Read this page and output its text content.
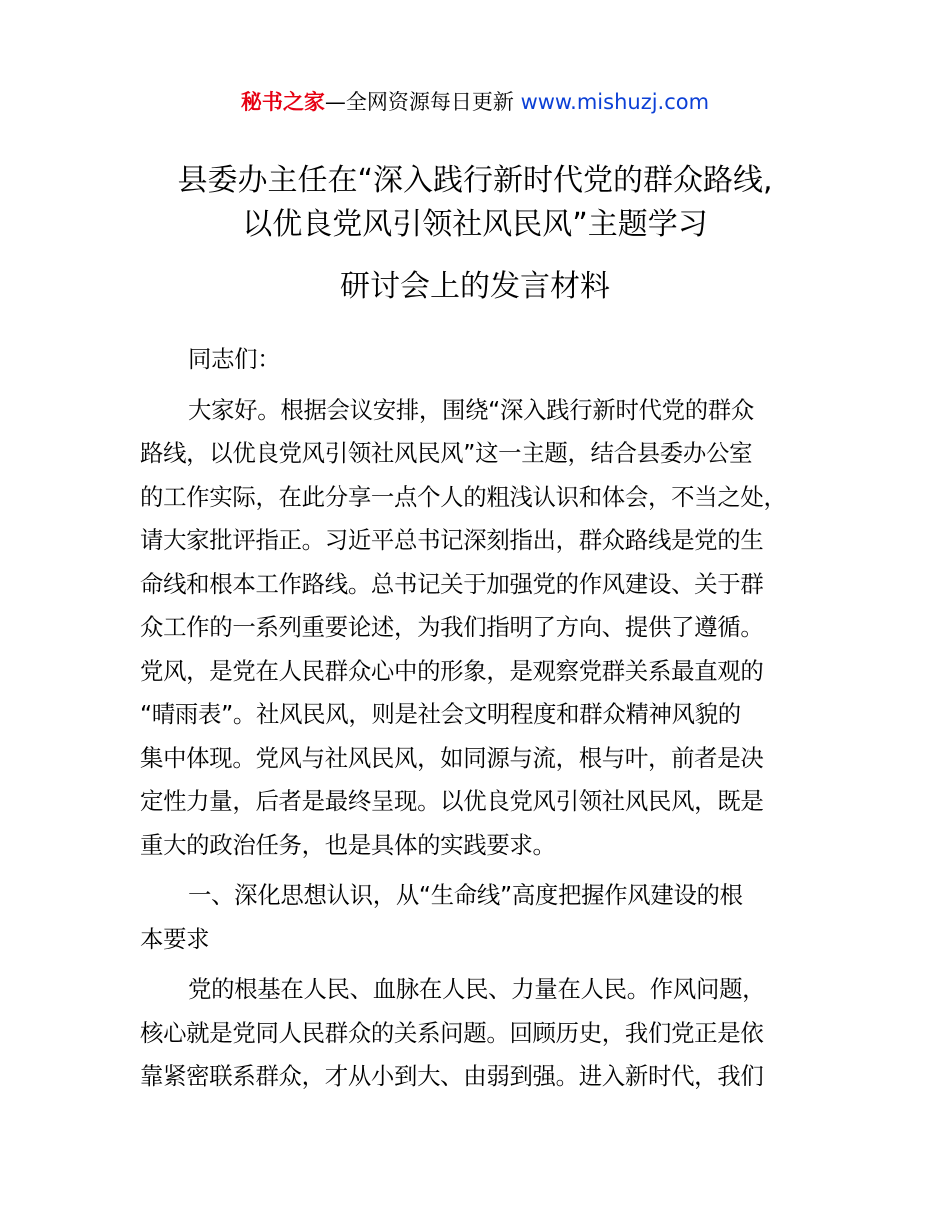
秘书之家—全网资源每日更新 www.mishuzj.com
县委办主任在“深入践行新时代党的群众路线,
以优良党风引领社风民风”主题学习
研讨会上的发言材料
同志们：
大家好。根据会议安排，围绕“深入践行新时代党的群众
路线，以优良党风引领社风民风”这一主题，结合县委办公室
的工作实际，在此分享一点个人的粗浅认识和体会，不当之处，
请大家批评指正。习近平总书记深刻指出，群众路线是党的生
命线和根本工作路线。总书记关于加强党的作风建设、关于群
众工作的一系列重要论述，为我们指明了方向、提供了遵循。
党风，是党在人民群众心中的形象，是观察党群关系最直观的
“晴雨表”。社风民风，则是社会文明程度和群众精神风貌的
集中体现。党风与社风民风，如同源与流，根与叶，前者是决
定性力量，后者是最终呈现。以优良党风引领社风民风，既是
重大的政治任务，也是具体的实践要求。
一、深化思想认识，从“生命线”高度把握作风建设的根
本要求
党的根基在人民、血脉在人民、力量在人民。作风问题，
核心就是党同人民群众的关系问题。回顾历史，我们党正是依
靠紧密联系群众，才从小到大、由弱到强。进入新时代，我们
